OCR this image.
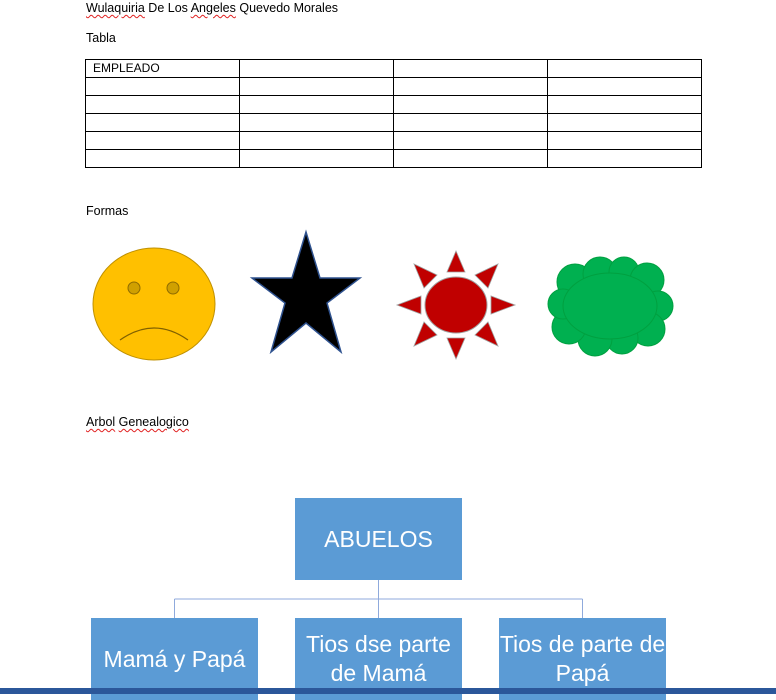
Wulaquiria De Los Angeles Quevedo Morales
Tabla
EMPLEADO			

Formas
Arbol Genealogico
ABUELOS
Mamá y Papá
Tios dse parte de Mamá
Tios de parte de Papá
